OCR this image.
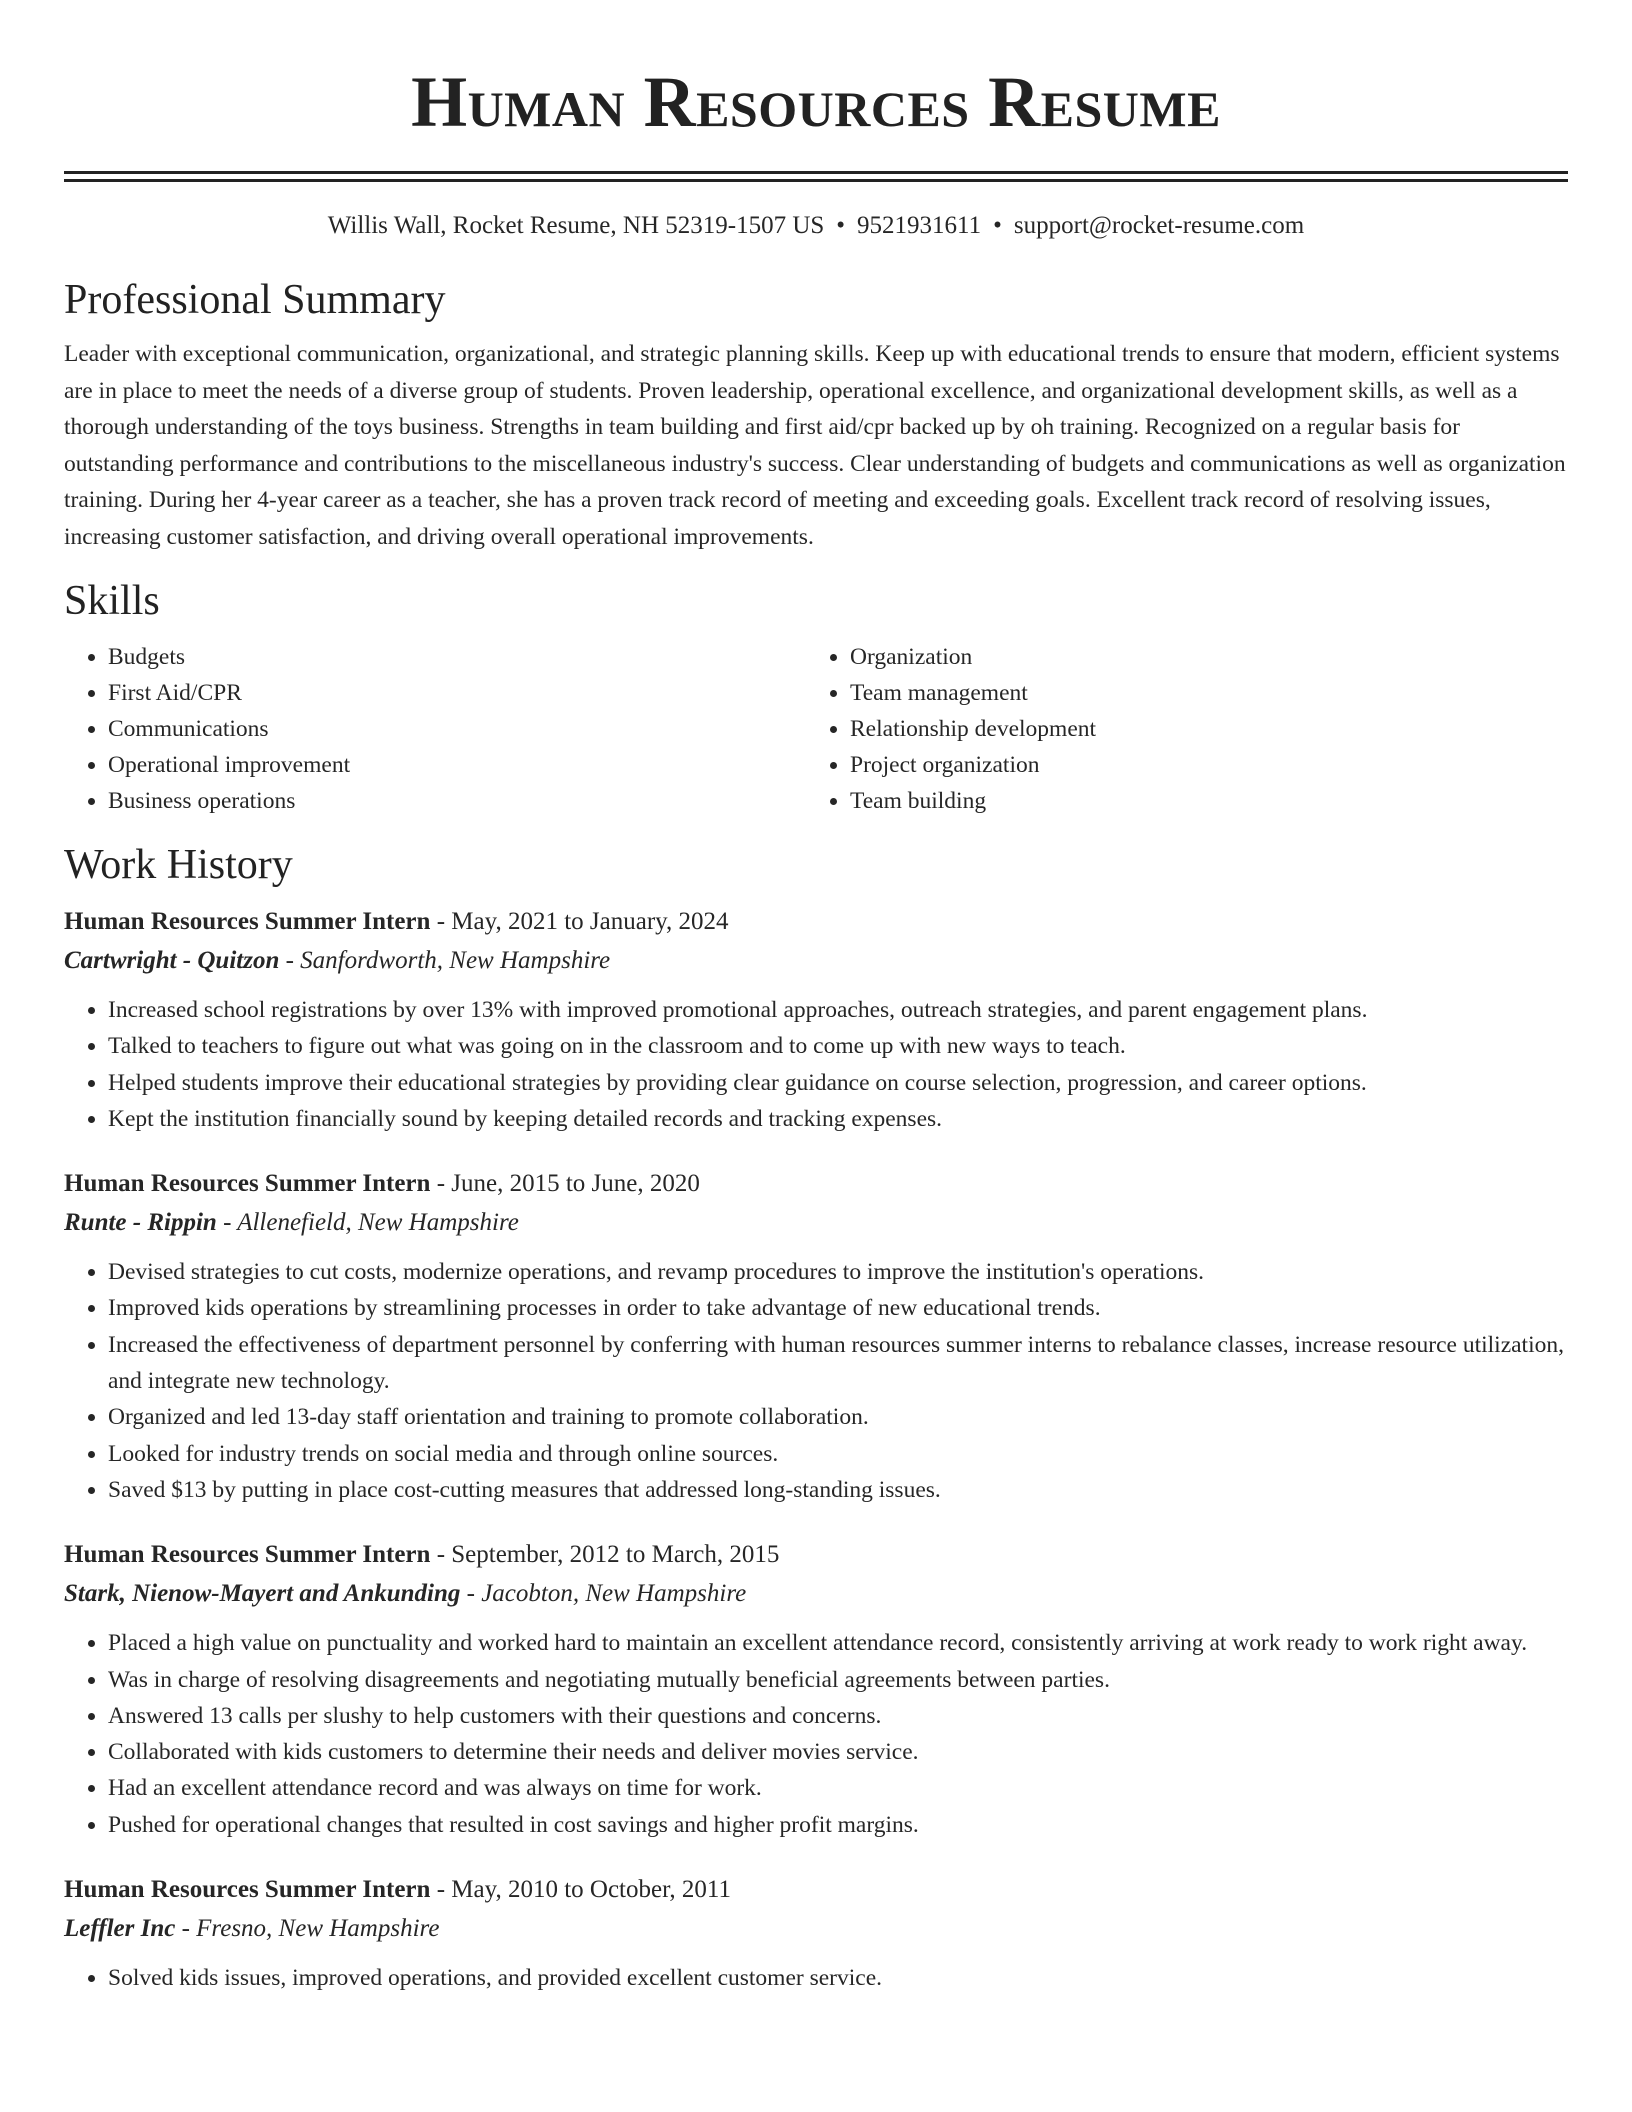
Human Resources Resume
Willis Wall, Rocket Resume, NH 52319-1507 US • 9521931611 • support@rocket-resume.com
Professional Summary

Leader with exceptional communication, organizational, and strategic planning skills. Keep up with educational trends to ensure that modern, efficient systems are in place to meet the needs of a diverse group of students. Proven leadership, operational excellence, and organizational development skills, as well as a thorough understanding of the toys business. Strengths in team building and first aid/cpr backed up by oh training. Recognized on a regular basis for outstanding performance and contributions to the miscellaneous industry's success. Clear understanding of budgets and communications as well as organization training. During her 4-year career as a teacher, she has a proven track record of meeting and exceeding goals. Excellent track record of resolving issues, increasing customer satisfaction, and driving overall operational improvements.

Skills
• Budgets
• First Aid/CPR
• Communications
• Operational improvement
• Business operations
• Organization
• Team management
• Relationship development
• Project organization
• Team building
Work History
Human Resources Summer Intern - May, 2021 to January, 2024
Cartwright - Quitzon - Sanfordworth, New Hampshire
• Increased school registrations by over 13% with improved promotional approaches, outreach strategies, and parent engagement plans.
• Talked to teachers to figure out what was going on in the classroom and to come up with new ways to teach.
• Helped students improve their educational strategies by providing clear guidance on course selection, progression, and career options.
• Kept the institution financially sound by keeping detailed records and tracking expenses.
Human Resources Summer Intern - June, 2015 to June, 2020
Runte - Rippin - Allenefield, New Hampshire
• Devised strategies to cut costs, modernize operations, and revamp procedures to improve the institution's operations.
• Improved kids operations by streamlining processes in order to take advantage of new educational trends.
• Increased the effectiveness of department personnel by conferring with human resources summer interns to rebalance classes, increase resource utilization, and integrate new technology.
• Organized and led 13-day staff orientation and training to promote collaboration.
• Looked for industry trends on social media and through online sources.
• Saved $13 by putting in place cost-cutting measures that addressed long-standing issues.
Human Resources Summer Intern - September, 2012 to March, 2015
Stark, Nienow-Mayert and Ankunding - Jacobton, New Hampshire
• Placed a high value on punctuality and worked hard to maintain an excellent attendance record, consistently arriving at work ready to work right away.
• Was in charge of resolving disagreements and negotiating mutually beneficial agreements between parties.
• Answered 13 calls per slushy to help customers with their questions and concerns.
• Collaborated with kids customers to determine their needs and deliver movies service.
• Had an excellent attendance record and was always on time for work.
• Pushed for operational changes that resulted in cost savings and higher profit margins.
Human Resources Summer Intern - May, 2010 to October, 2011
Leffler Inc - Fresno, New Hampshire
• Solved kids issues, improved operations, and provided excellent customer service.
